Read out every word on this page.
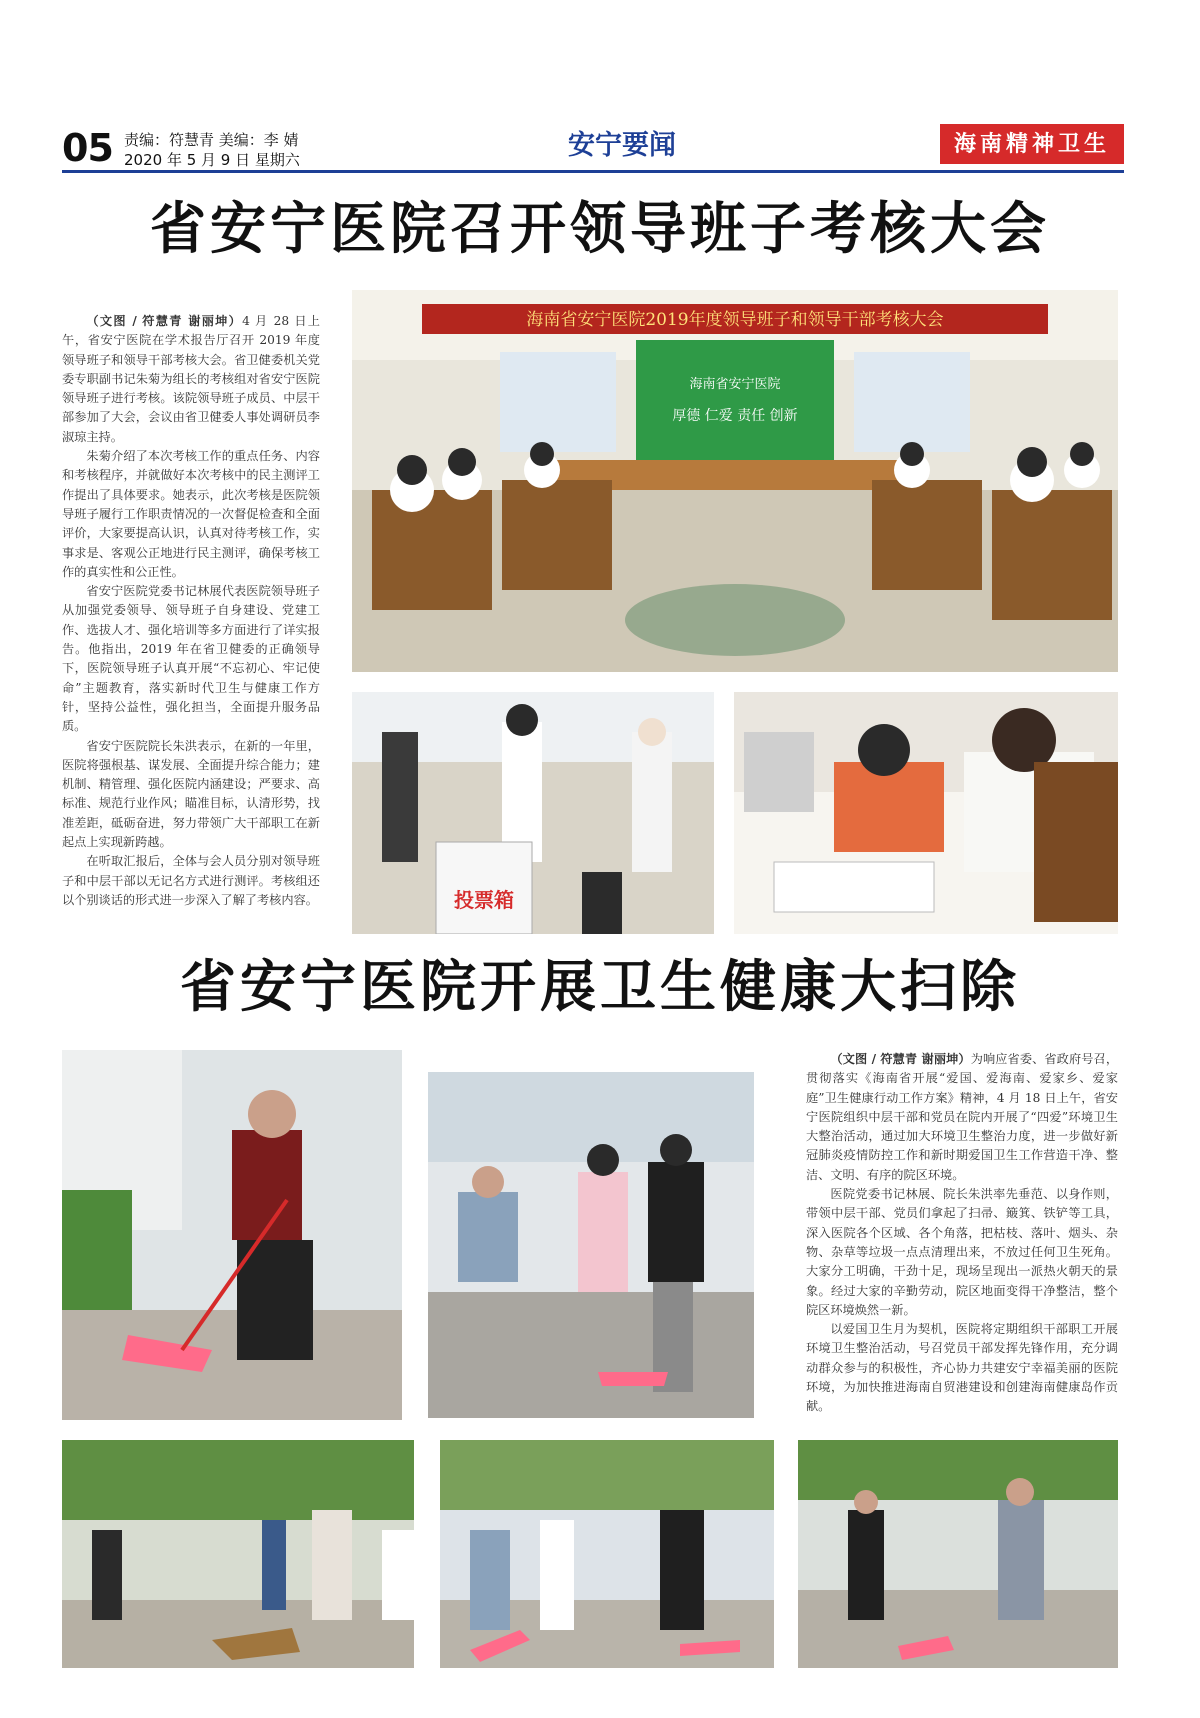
05 责编：符慧青 美编：李 婧
2020 年 5 月 9 日 星期六	安宁要闻	海南精神卫生
省安宁医院召开领导班子考核大会

（文图 / 符慧青 谢丽坤）4 月 28 日上午，省安宁医院在学术报告厅召开 2019 年度领导班子和领导干部考核大会。省卫健委机关党委专职副书记朱菊为组长的考核组对省安宁医院领导班子进行考核。该院领导班子成员、中层干部参加了大会，会议由省卫健委人事处调研员李淑琼主持。

朱菊介绍了本次考核工作的重点任务、内容和考核程序，并就做好本次考核中的民主测评工作提出了具体要求。她表示，此次考核是医院领导班子履行工作职责情况的一次督促检查和全面评价，大家要提高认识，认真对待考核工作，实事求是、客观公正地进行民主测评，确保考核工作的真实性和公正性。

省安宁医院党委书记林展代表医院领导班子从加强党委领导、领导班子自身建设、党建工作、选拔人才、强化培训等多方面进行了详实报告。他指出，2019 年在省卫健委的正确领导下，医院领导班子认真开展“不忘初心、牢记使命”主题教育，落实新时代卫生与健康工作方针，坚持公益性，强化担当，全面提升服务品质。

省安宁医院院长朱洪表示，在新的一年里，医院将强根基、谋发展、全面提升综合能力；建机制、精管理、强化医院内涵建设；严要求、高标准、规范行业作风；瞄准目标，认清形势，找准差距，砥砺奋进，努力带领广大干部职工在新起点上实现新跨越。

在听取汇报后，全体与会人员分别对领导班子和中层干部以无记名方式进行测评。考核组还以个别谈话的形式进一步深入了解了考核内容。

海南省安宁医院2019年度领导班子和领导干部考核大会
海南省安宁医院
厚德 仁爱 责任 创新
投票箱
省安宁医院开展卫生健康大扫除

（文图 / 符慧青 谢丽坤）为响应省委、省政府号召，贯彻落实《海南省开展“爱国、爱海南、爱家乡、爱家庭”卫生健康行动工作方案》精神，4 月 18 日上午，省安宁医院组织中层干部和党员在院内开展了“四爱”环境卫生大整治活动，通过加大环境卫生整治力度，进一步做好新冠肺炎疫情防控工作和新时期爱国卫生工作营造干净、整洁、文明、有序的院区环境。

医院党委书记林展、院长朱洪率先垂范、以身作则，带领中层干部、党员们拿起了扫帚、簸箕、铁铲等工具，深入医院各个区域、各个角落，把枯枝、落叶、烟头、杂物、杂草等垃圾一点点清理出来，不放过任何卫生死角。大家分工明确，干劲十足，现场呈现出一派热火朝天的景象。经过大家的辛勤劳动，院区地面变得干净整洁，整个院区环境焕然一新。

以爱国卫生月为契机，医院将定期组织干部职工开展环境卫生整治活动，号召党员干部发挥先锋作用，充分调动群众参与的积极性，齐心协力共建安宁幸福美丽的医院环境，为加快推进海南自贸港建设和创建海南健康岛作贡献。
